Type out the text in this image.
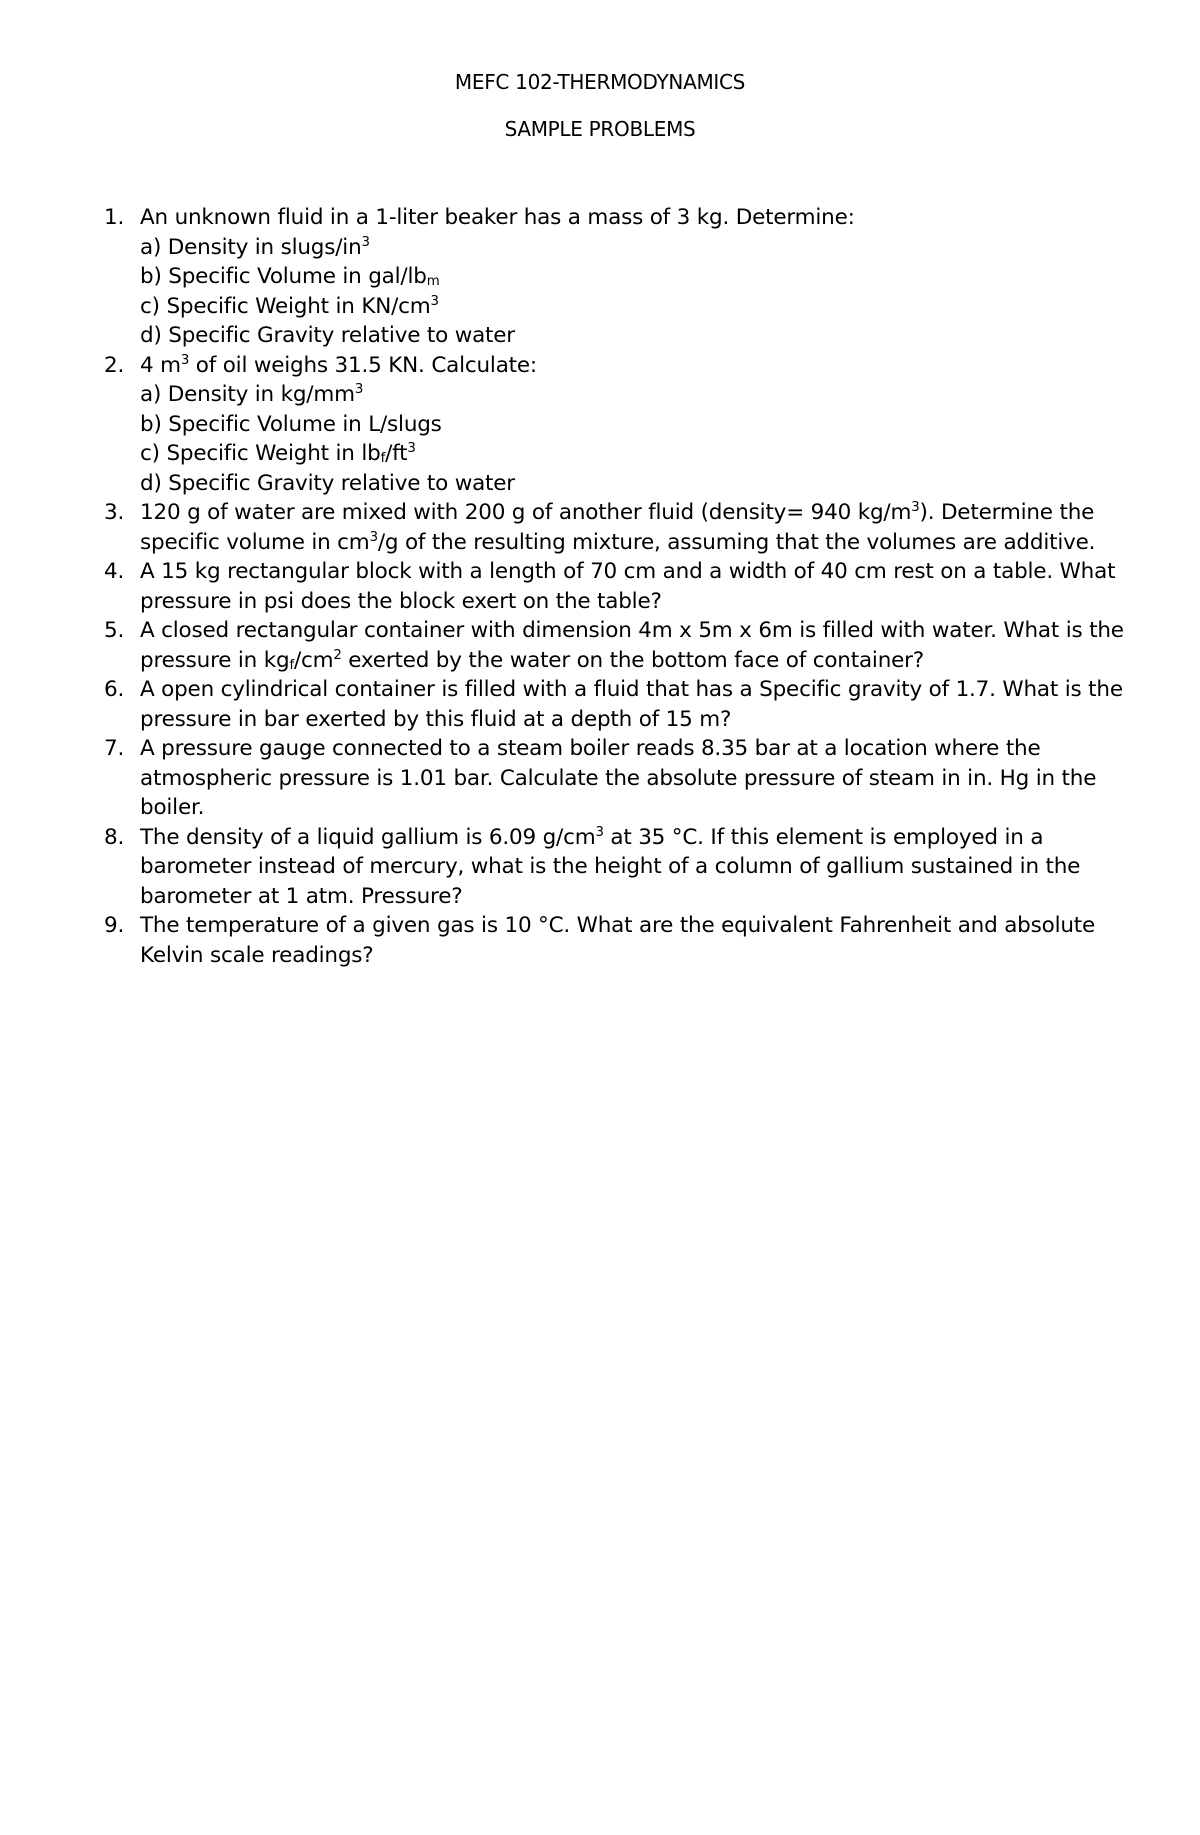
MEFC 102-THERMODYNAMICS
SAMPLE PROBLEMS
1. An unknown fluid in a 1-liter beaker has a mass of 3 kg. Determine:
a) Density in slugs/$in^3$
b) Specific Volume in gal/$lb_m$
c) Specific Weight in $KN/cm^3$
d) Specific Gravity relative to water
2. 4 $m^3$ of oil weighs 31.5 KN. Calculate:
a) Density in $kg/mm^3$
b) Specific Volume in L/slugs
c) Specific Weight in $lb_f/ft^3$
d) Specific Gravity relative to water
3. 120 g of water are mixed with 200 g of another fluid (density= 940 $kg/m^3$). Determine the specific volume in $cm^3/g$ of the resulting mixture, assuming that the volumes are additive.
4. A 15 kg rectangular block with a length of 70 cm and a width of 40 cm rest on a table. What pressure in psi does the block exert on the table?
5. A closed rectangular container with dimension 4m x 5m x 6m is filled with water. What is the pressure in $kg_f/cm^2$ exerted by the water on the bottom face of container?
6. A open cylindrical container is filled with a fluid that has a Specific gravity of 1.7. What is the pressure in bar exerted by this fluid at a depth of 15 m?
7. A pressure gauge connected to a steam boiler reads 8.35 bar at a location where the atmospheric pressure is 1.01 bar. Calculate the absolute pressure of steam in in. Hg in the boiler.
8. The density of a liquid gallium is 6.09 $g/cm^3$ at 35 °C. If this element is employed in a barometer instead of mercury, what is the height of a column of gallium sustained in the barometer at 1 atm. Pressure?
9. The temperature of a given gas is 10 °C. What are the equivalent Fahrenheit and absolute Kelvin scale readings?
